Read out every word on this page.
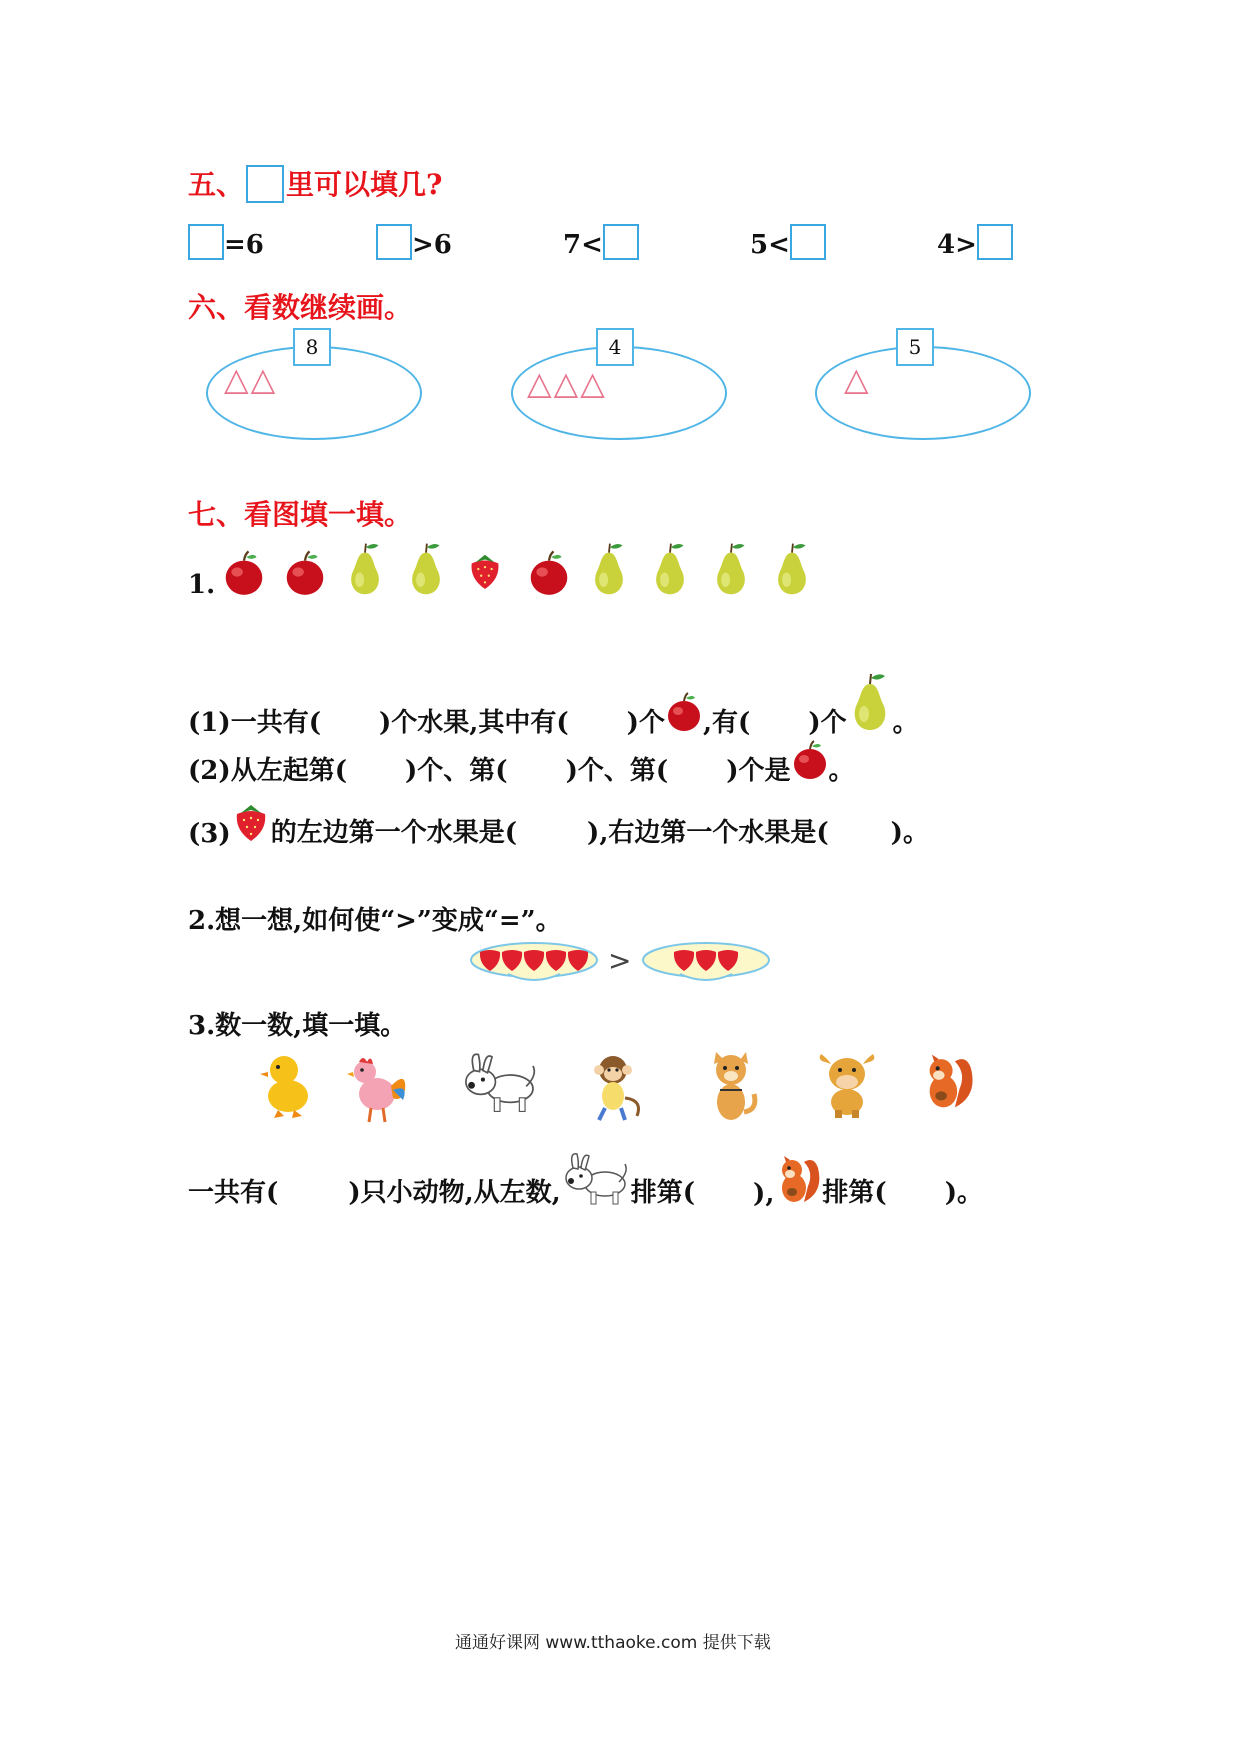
五、 里可以填几?
=6	>6	7<	5<	4>
六、看数继续画。
8
△△
4
△△△
5
△
七、看图填一填。
1.
(1)一共有( )个水果,其中有( )个 ,有( )个 。
(2)从左起第( )个、第( )个、第( )个是 。
(3) 的左边第一个水果是(	),右边第一个水果是( )。
2.想一想,如何使“>”变成“=”。
>
3.数一数,填一填。
一共有(	)只小动物,从左数,	排第( ), 排第( )。
通通好课网 www.tthaoke.com 提供下载
